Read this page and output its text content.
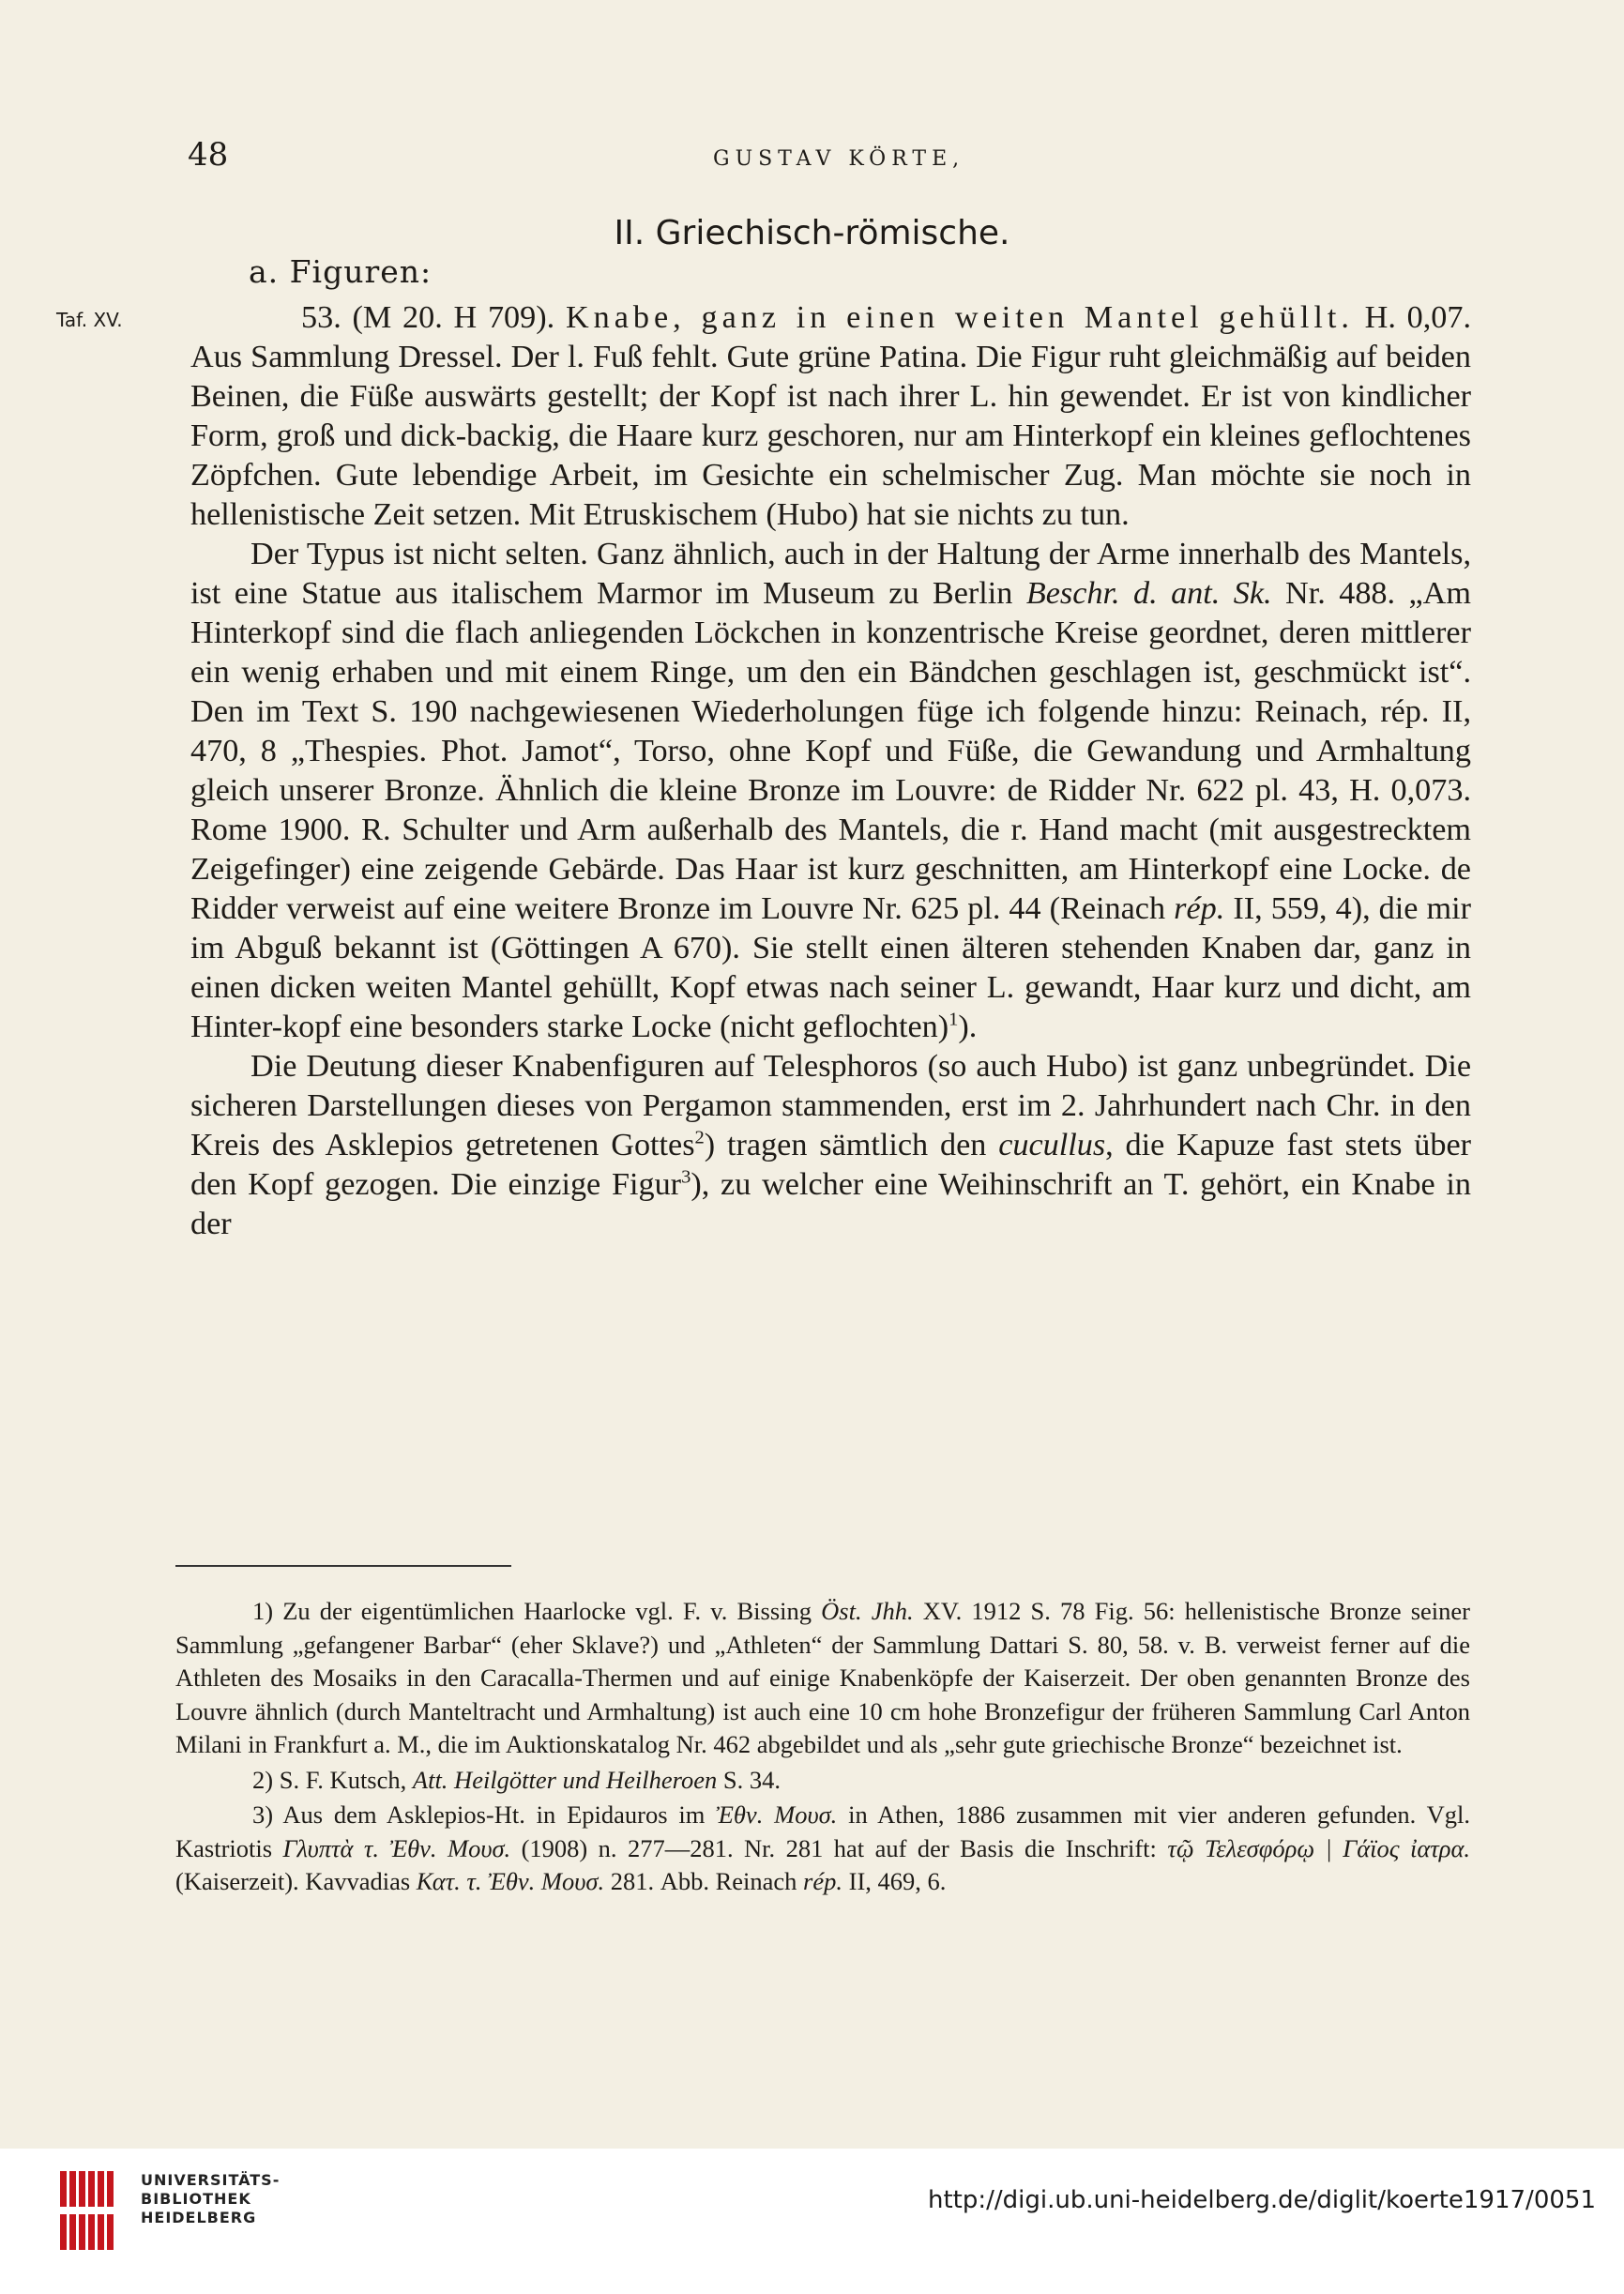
48	GUSTAV KÖRTE,
II. Griechisch-römische.
a. Figuren:
Taf. XV.	53. (M 20. H 709). Knabe, ganz in einen weiten Mantel gehüllt. H. 0,07. Aus Sammlung Dressel. Der l. Fuß fehlt. Gute grüne Patina. Die Figur ruht gleichmäßig auf beiden Beinen, die Füße auswärts gestellt; der Kopf ist nach ihrer L. hin gewendet. Er ist von kindlicher Form, groß und dick-backig, die Haare kurz geschoren, nur am Hinterkopf ein kleines geflochtenes Zöpfchen. Gute lebendige Arbeit, im Gesichte ein schelmischer Zug. Man möchte sie noch in hellenistische Zeit setzen. Mit Etruskischem (Hubo) hat sie nichts zu tun.

Der Typus ist nicht selten. Ganz ähnlich, auch in der Haltung der Arme innerhalb des Mantels, ist eine Statue aus italischem Marmor im Museum zu Berlin Beschr. d. ant. Sk. Nr. 488. „Am Hinterkopf sind die flach anliegenden Löckchen in konzentrische Kreise geordnet, deren mittlerer ein wenig erhaben und mit einem Ringe, um den ein Bändchen geschlagen ist, geschmückt ist“. Den im Text S. 190 nachgewiesenen Wiederholungen füge ich folgende hinzu: Reinach, rép. II, 470, 8 „Thespies. Phot. Jamot“, Torso, ohne Kopf und Füße, die Gewandung und Armhaltung gleich unserer Bronze. Ähnlich die kleine Bronze im Louvre: de Ridder Nr. 622 pl. 43, H. 0,073. Rome 1900. R. Schulter und Arm außerhalb des Mantels, die r. Hand macht (mit ausgestrecktem Zeigefinger) eine zeigende Gebärde. Das Haar ist kurz geschnitten, am Hinterkopf eine Locke. de Ridder verweist auf eine weitere Bronze im Louvre Nr. 625 pl. 44 (Reinach rép. II, 559, 4), die mir im Abguß bekannt ist (Göttingen A 670). Sie stellt einen älteren stehenden Knaben dar, ganz in einen dicken weiten Mantel gehüllt, Kopf etwas nach seiner L. gewandt, Haar kurz und dicht, am Hinter-kopf eine besonders starke Locke (nicht geflochten)$^1$).

Die Deutung dieser Knabenfiguren auf Telesphoros (so auch Hubo) ist ganz unbegründet. Die sicheren Darstellungen dieses von Pergamon stammenden, erst im 2. Jahrhundert nach Chr. in den Kreis des Asklepios getretenen Gottes$^2$) tragen sämtlich den cucullus, die Kapuze fast stets über den Kopf gezogen. Die einzige Figur$^3$), zu welcher eine Weihinschrift an T. gehört, ein Knabe in der

1) Zu der eigentümlichen Haarlocke vgl. F. v. Bissing Öst. Jhh. XV. 1912 S. 78 Fig. 56: hellenistische Bronze seiner Sammlung „gefangener Barbar“ (eher Sklave?) und „Athleten“ der Sammlung Dattari S. 80, 58. v. B. verweist ferner auf die Athleten des Mosaiks in den Caracalla-Thermen und auf einige Knabenköpfe der Kaiserzeit. Der oben genannten Bronze des Louvre ähnlich (durch Manteltracht und Armhaltung) ist auch eine 10 cm hohe Bronzefigur der früheren Sammlung Carl Anton Milani in Frankfurt a. M., die im Auktionskatalog Nr. 462 abgebildet und als „sehr gute griechische Bronze“ bezeichnet ist.

2) S. F. Kutsch, Att. Heilgötter und Heilheroen S. 34.

3) Aus dem Asklepios-Ht. in Epidauros im Ἐθν. Μουσ. in Athen, 1886 zusammen mit vier anderen gefunden. Vgl. Kastriotis Γλυπτὰ τ. Ἐθν. Μουσ. (1908) n. 277—281. Nr. 281 hat auf der Basis die Inschrift: τῷ Τελεσφόρῳ | Γάϊος ἰατρα. (Kaiserzeit). Kavvadias Κατ. τ. Ἐθν. Μουσ. 281. Abb. Reinach rép. II, 469, 6.

UNIVERSITÄTS-
BIBLIOTHEK
HEIDELBERG
http://digi.ub.uni-heidelberg.de/diglit/koerte1917/0051
